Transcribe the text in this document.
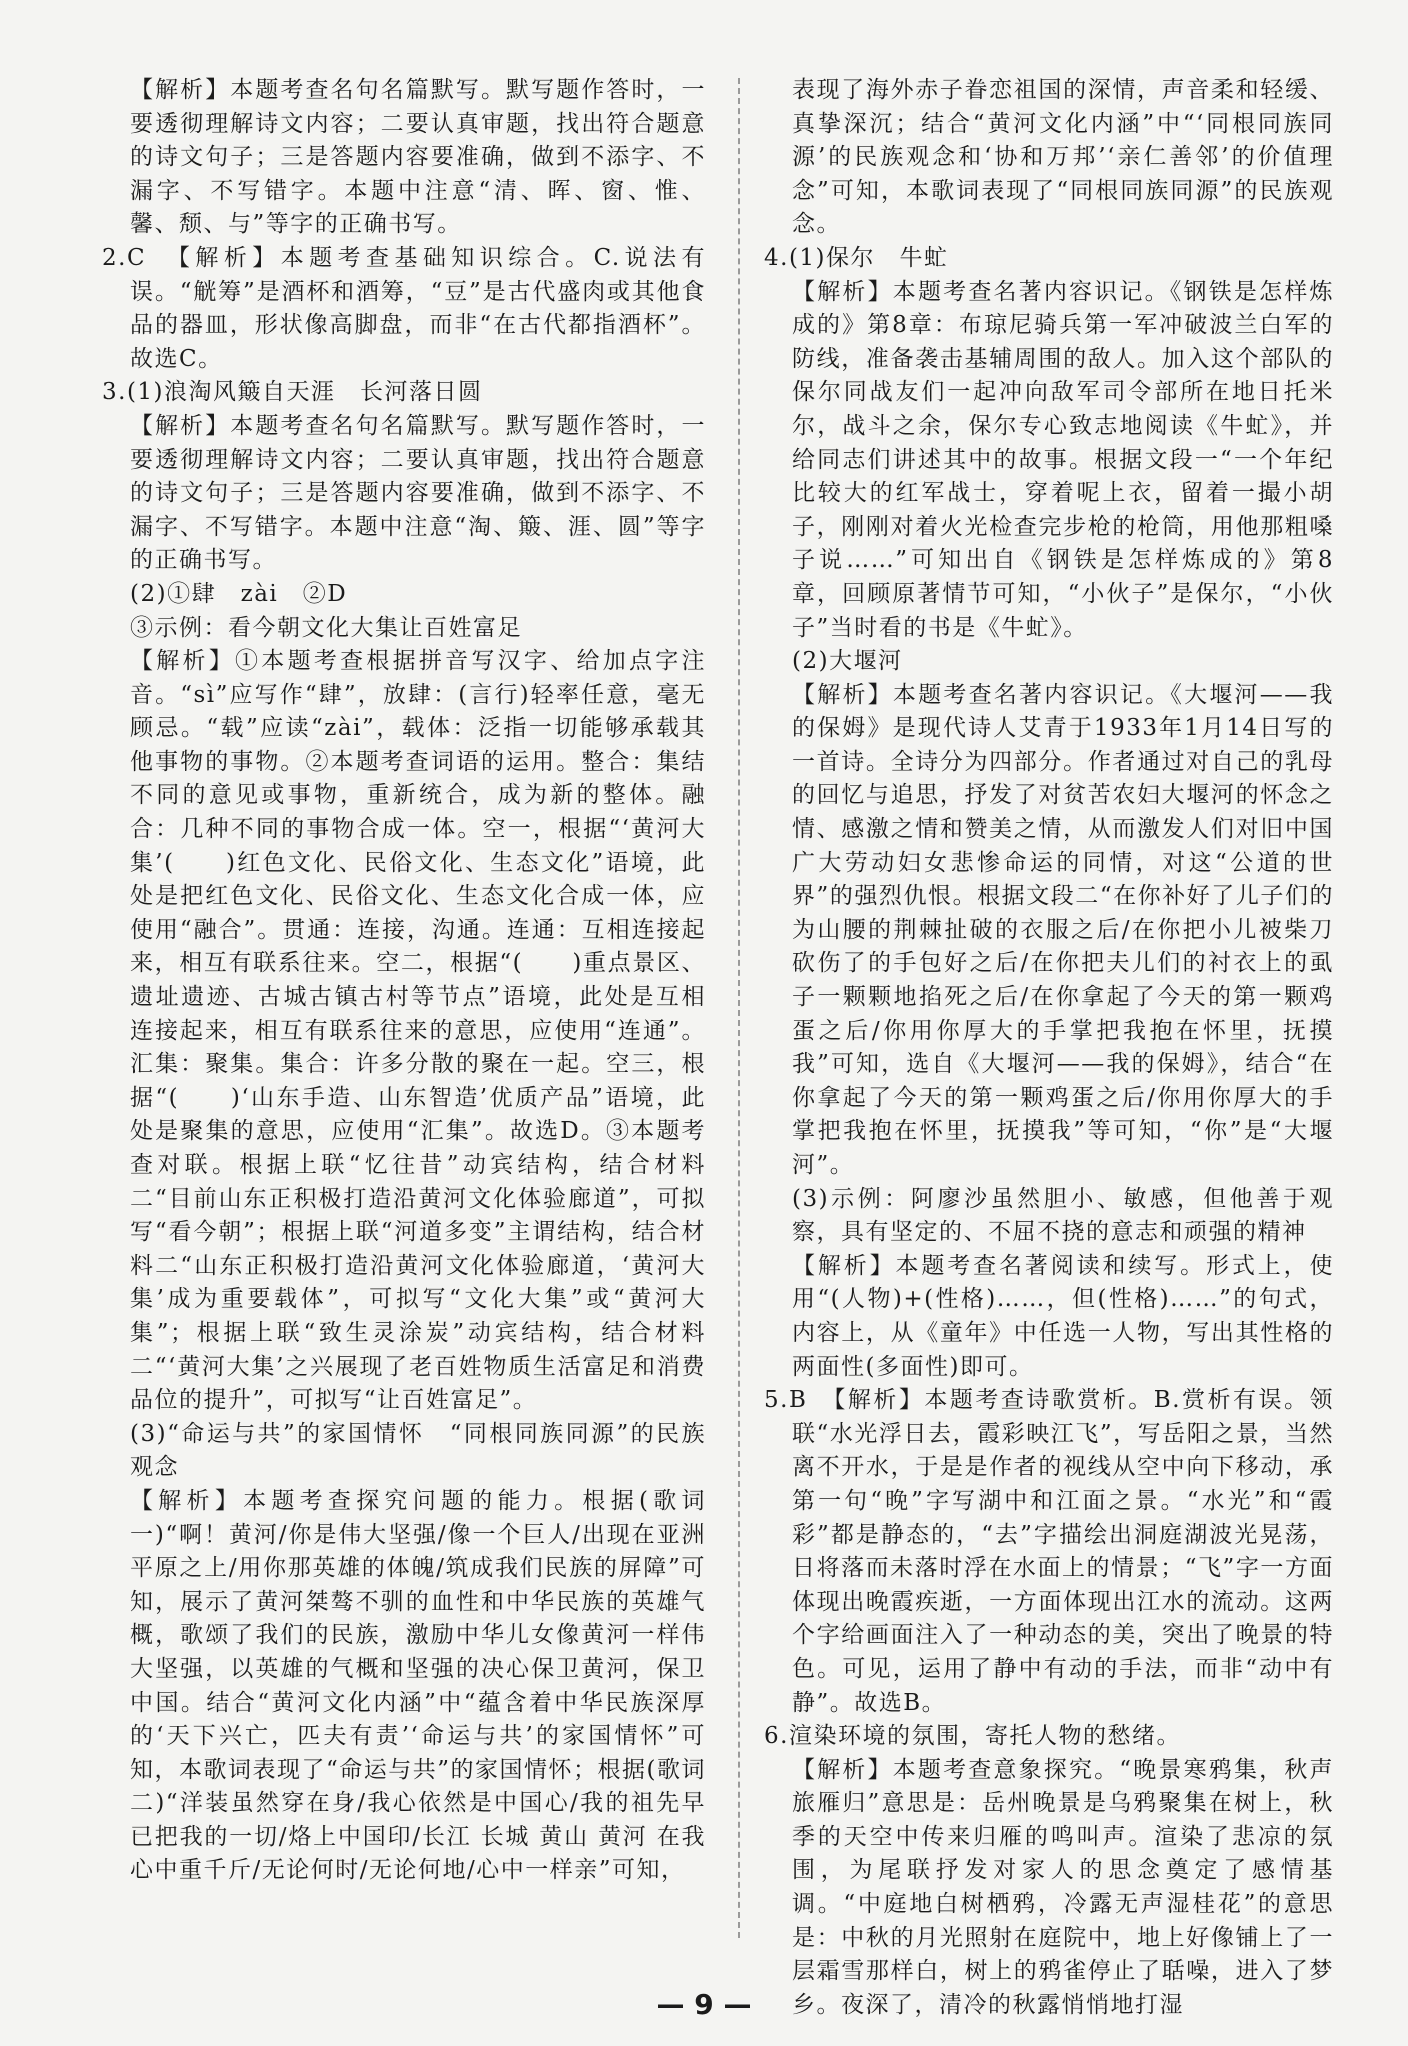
【解析】本题考查名句名篇默写。默写题作答时，一要透彻理解诗文内容；二要认真审题，找出符合题意的诗文句子；三是答题内容要准确，做到不添字、不漏字、不写错字。本题中注意“清、晖、窗、惟、馨、颓、与”等字的正确书写。

2.C　【解析】本题考查基础知识综合。C.说法有误。“觥筹”是酒杯和酒筹，“豆”是古代盛肉或其他食品的器皿，形状像高脚盘，而非“在古代都指酒杯”。故选C。

3.(1)浪淘风簸自天涯　长河落日圆

【解析】本题考查名句名篇默写。默写题作答时，一要透彻理解诗文内容；二要认真审题，找出符合题意的诗文句子；三是答题内容要准确，做到不添字、不漏字、不写错字。本题中注意“淘、簸、涯、圆”等字的正确书写。

(2)①肆　zài　②D

③示例：看今朝文化大集让百姓富足

【解析】①本题考查根据拼音写汉字、给加点字注音。“sì”应写作“肆”，放肆：(言行)轻率任意，毫无顾忌。“载”应读“zài”，载体：泛指一切能够承载其他事物的事物。②本题考查词语的运用。整合：集结不同的意见或事物，重新统合，成为新的整体。融合：几种不同的事物合成一体。空一，根据“‘黄河大集’(　　)红色文化、民俗文化、生态文化”语境，此处是把红色文化、民俗文化、生态文化合成一体，应使用“融合”。贯通：连接，沟通。连通：互相连接起来，相互有联系往来。空二，根据“(　　)重点景区、遗址遗迹、古城古镇古村等节点”语境，此处是互相连接起来，相互有联系往来的意思，应使用“连通”。汇集：聚集。集合：许多分散的聚在一起。空三，根据“(　　)‘山东手造、山东智造’优质产品”语境，此处是聚集的意思，应使用“汇集”。故选D。③本题考查对联。根据上联“忆往昔”动宾结构，结合材料二“目前山东正积极打造沿黄河文化体验廊道”，可拟写“看今朝”；根据上联“河道多变”主谓结构，结合材料二“山东正积极打造沿黄河文化体验廊道，‘黄河大集’成为重要载体”，可拟写“文化大集”或“黄河大集”；根据上联“致生灵涂炭”动宾结构，结合材料二“‘黄河大集’之兴展现了老百姓物质生活富足和消费品位的提升”，可拟写“让百姓富足”。

(3)“命运与共”的家国情怀　“同根同族同源”的民族观念

【解析】本题考查探究问题的能力。根据(歌词一)“啊！黄河/你是伟大坚强/像一个巨人/出现在亚洲平原之上/用你那英雄的体魄/筑成我们民族的屏障”可知，展示了黄河桀骜不驯的血性和中华民族的英雄气概，歌颂了我们的民族，激励中华儿女像黄河一样伟大坚强，以英雄的气概和坚强的决心保卫黄河，保卫中国。结合“黄河文化内涵”中“蕴含着中华民族深厚的‘天下兴亡，匹夫有责’‘命运与共’的家国情怀”可知，本歌词表现了“命运与共”的家国情怀；根据(歌词二)“洋装虽然穿在身/我心依然是中国心/我的祖先早已把我的一切/烙上中国印/长江 长城 黄山 黄河 在我心中重千斤/无论何时/无论何地/心中一样亲”可知，

表现了海外赤子眷恋祖国的深情，声音柔和轻缓、真挚深沉；结合“黄河文化内涵”中“‘同根同族同源’的民族观念和‘协和万邦’‘亲仁善邻’的价值理念”可知，本歌词表现了“同根同族同源”的民族观念。

4.(1)保尔　牛虻

【解析】本题考查名著内容识记。《钢铁是怎样炼成的》第8章：布琼尼骑兵第一军冲破波兰白军的防线，准备袭击基辅周围的敌人。加入这个部队的保尔同战友们一起冲向敌军司令部所在地日托米尔，战斗之余，保尔专心致志地阅读《牛虻》，并给同志们讲述其中的故事。根据文段一“一个年纪比较大的红军战士，穿着呢上衣，留着一撮小胡子，刚刚对着火光检查完步枪的枪筒，用他那粗嗓子说……”可知出自《钢铁是怎样炼成的》第8章，回顾原著情节可知，“小伙子”是保尔，“小伙子”当时看的书是《牛虻》。

(2)大堰河

【解析】本题考查名著内容识记。《大堰河——我的保姆》是现代诗人艾青于1933年1月14日写的一首诗。全诗分为四部分。作者通过对自己的乳母的回忆与追思，抒发了对贫苦农妇大堰河的怀念之情、感激之情和赞美之情，从而激发人们对旧中国广大劳动妇女悲惨命运的同情，对这“公道的世界”的强烈仇恨。根据文段二“在你补好了儿子们的为山腰的荆棘扯破的衣服之后/在你把小儿被柴刀砍伤了的手包好之后/在你把夫儿们的衬衣上的虱子一颗颗地掐死之后/在你拿起了今天的第一颗鸡蛋之后/你用你厚大的手掌把我抱在怀里，抚摸我”可知，选自《大堰河——我的保姆》，结合“在你拿起了今天的第一颗鸡蛋之后/你用你厚大的手掌把我抱在怀里，抚摸我”等可知，“你”是“大堰河”。

(3)示例：阿廖沙虽然胆小、敏感，但他善于观察，具有坚定的、不屈不挠的意志和顽强的精神

【解析】本题考查名著阅读和续写。形式上，使用“(人物)+(性格)……，但(性格)……”的句式，内容上，从《童年》中任选一人物，写出其性格的两面性(多面性)即可。

5.B　【解析】本题考查诗歌赏析。B.赏析有误。领联“水光浮日去，霞彩映江飞”，写岳阳之景，当然离不开水，于是是作者的视线从空中向下移动，承第一句“晚”字写湖中和江面之景。“水光”和“霞彩”都是静态的，“去”字描绘出洞庭湖波光晃荡，日将落而未落时浮在水面上的情景；“飞”字一方面体现出晚霞疾逝，一方面体现出江水的流动。这两个字给画面注入了一种动态的美，突出了晚景的特色。可见，运用了静中有动的手法，而非“动中有静”。故选B。

6.渲染环境的氛围，寄托人物的愁绪。

【解析】本题考查意象探究。“晚景寒鸦集，秋声旅雁归”意思是：岳州晚景是乌鸦聚集在树上，秋季的天空中传来归雁的鸣叫声。渲染了悲凉的氛围，为尾联抒发对家人的思念奠定了感情基调。“中庭地白树栖鸦，冷露无声湿桂花”的意思是：中秋的月光照射在庭院中，地上好像铺上了一层霜雪那样白，树上的鸦雀停止了聒噪，进入了梦乡。夜深了，清冷的秋露悄悄地打湿

— 9 —
